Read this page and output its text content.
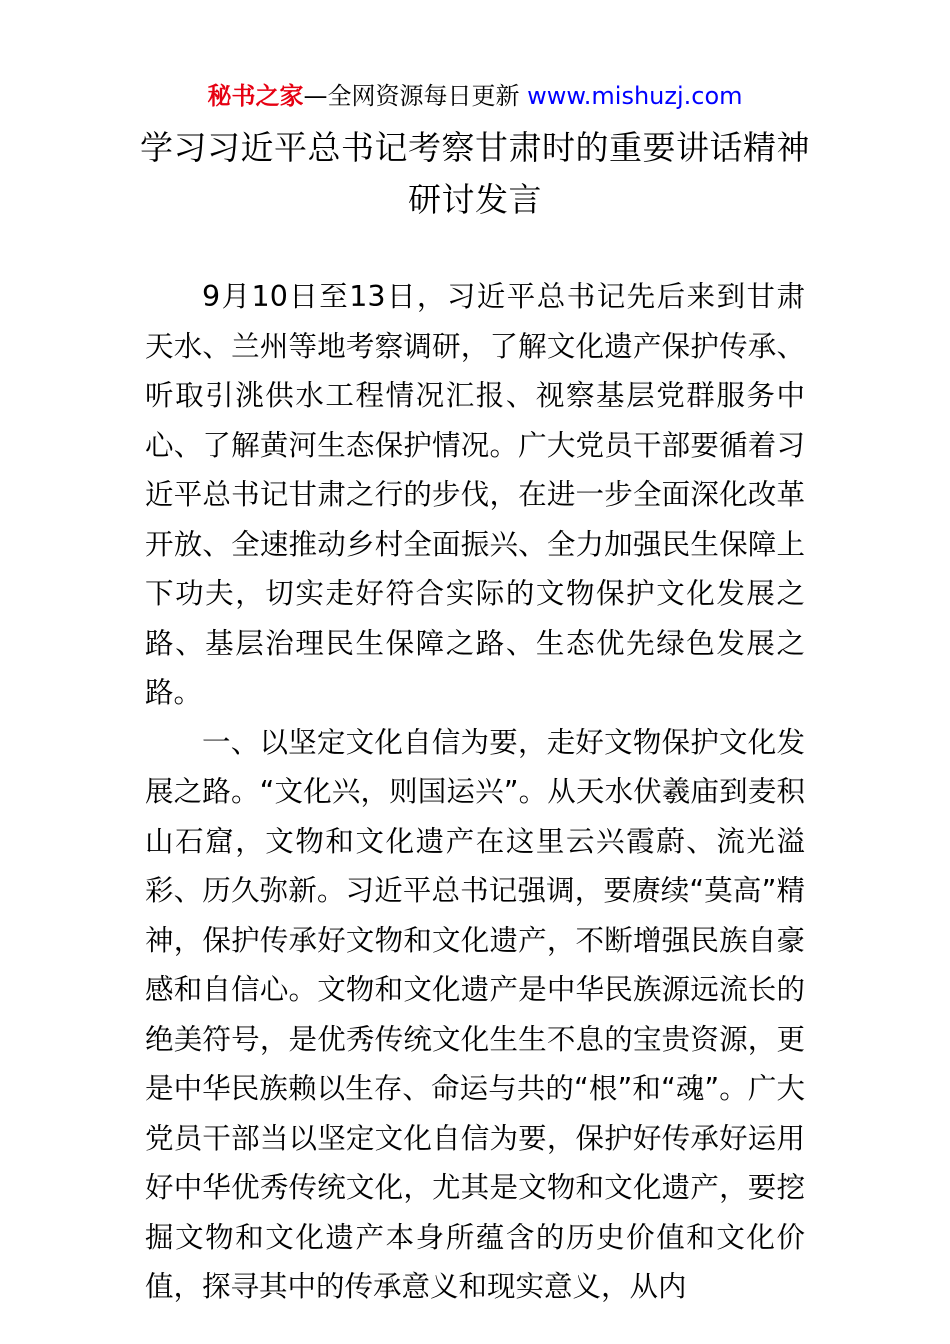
秘书之家—全网资源每日更新 www.mishuzj.com
学习习近平总书记考察甘肃时的重要讲话精神
研讨发言

9月10日至13日，习近平总书记先后来到甘肃天水、兰州等地考察调研，了解文化遗产保护传承、听取引洮供水工程情况汇报、视察基层党群服务中心、了解黄河生态保护情况。广大党员干部要循着习近平总书记甘肃之行的步伐，在进一步全面深化改革开放、全速推动乡村全面振兴、全力加强民生保障上下功夫，切实走好符合实际的文物保护文化发展之路、基层治理民生保障之路、生态优先绿色发展之路。

一、以坚定文化自信为要，走好文物保护文化发展之路。“文化兴，则国运兴”。从天水伏羲庙到麦积山石窟，文物和文化遗产在这里云兴霞蔚、流光溢彩、历久弥新。习近平总书记强调，要赓续“莫高”精神，保护传承好文物和文化遗产，不断增强民族自豪感和自信心。文物和文化遗产是中华民族源远流长的绝美符号，是优秀传统文化生生不息的宝贵资源，更是中华民族赖以生存、命运与共的“根”和“魂”。广大党员干部当以坚定文化自信为要，保护好传承好运用好中华优秀传统文化，尤其是文物和文化遗产，要挖掘文物和文化遗产本身所蕴含的历史价值和文化价值，探寻其中的传承意义和现实意义，从内
